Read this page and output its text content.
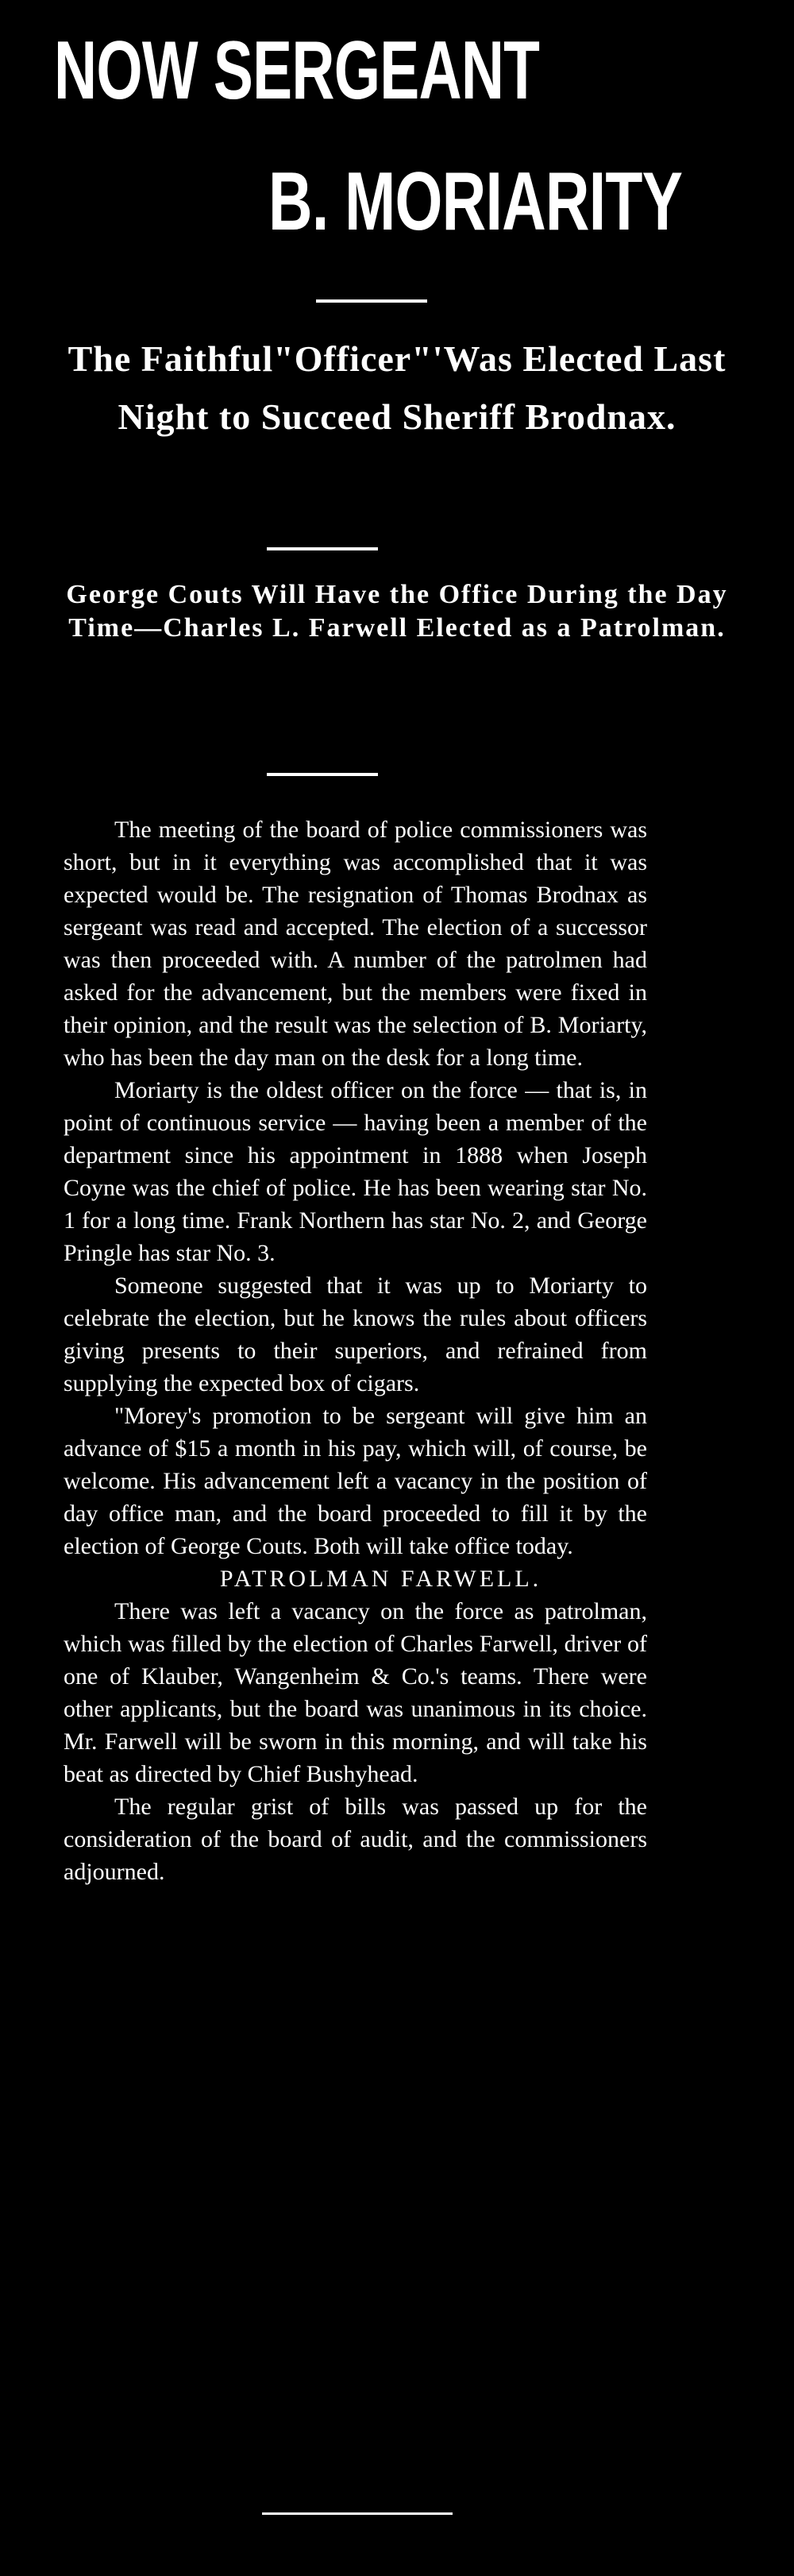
NOW SERGEANT
B. MORIARITY
The Faithful"Officer"'Was Elected Last Night to Succeed Sheriff Brodnax.
George Couts Will Have the Office During the Day Time—Charles L. Farwell Elected as a Patrolman.

The meeting of the board of police commissioners was short, but in it everything was accomplished that it was expected would be. The resignation of Thomas Brodnax as sergeant was read and accepted. The election of a successor was then proceeded with. A number of the patrolmen had asked for the advancement, but the members were fixed in their opinion, and the result was the selection of B. Moriarty, who has been the day man on the desk for a long time.

Moriarty is the oldest officer on the force — that is, in point of continuous service — having been a member of the department since his appointment in 1888 when Joseph Coyne was the chief of police. He has been wearing star No. 1 for a long time. Frank Northern has star No. 2, and George Pringle has star No. 3.

Someone suggested that it was up to Moriarty to celebrate the election, but he knows the rules about officers giving presents to their superiors, and refrained from supplying the expected box of cigars.

"Morey's promotion to be sergeant will give him an advance of $15 a month in his pay, which will, of course, be welcome. His advancement left a vacancy in the position of day office man, and the board proceeded to fill it by the election of George Couts. Both will take office today.

PATROLMAN FARWELL.

There was left a vacancy on the force as patrolman, which was filled by the election of Charles Farwell, driver of one of Klauber, Wangenheim & Co.'s teams. There were other applicants, but the board was unanimous in its choice. Mr. Farwell will be sworn in this morning, and will take his beat as directed by Chief Bushyhead.

The regular grist of bills was passed up for the consideration of the board of audit, and the commissioners adjourned.
